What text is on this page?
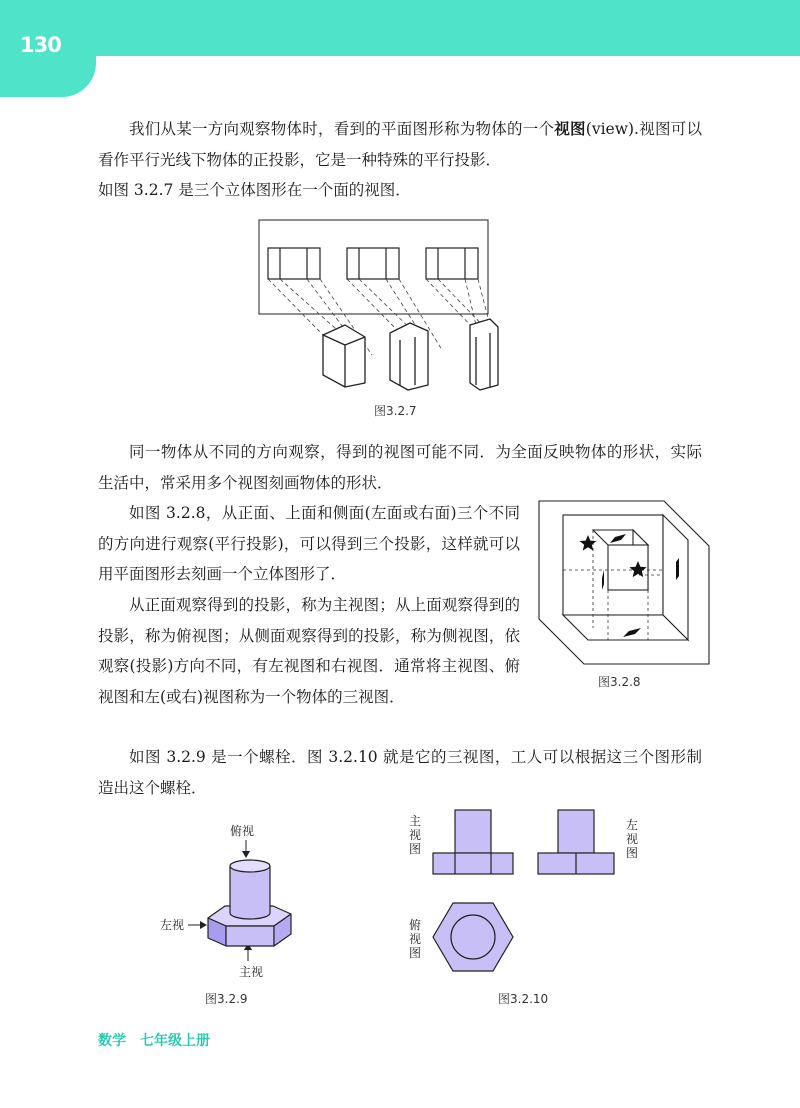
130

我们从某一方向观察物体时，看到的平面图形称为物体的一个视图(view).视图可以看作平行光线下物体的正投影，它是一种特殊的平行投影．
如图 3.2.7 是三个立体图形在一个面的视图．

图3.2.7

同一物体从不同的方向观察，得到的视图可能不同．为全面反映物体的形状，实际生活中，常采用多个视图刻画物体的形状．

如图 3.2.8，从正面、上面和侧面(左面或右面)三个不同的方向进行观察(平行投影)，可以得到三个投影，这样就可以用平面图形去刻画一个立体图形了．

从正面观察得到的投影，称为主视图；从上面观察得到的投影，称为俯视图；从侧面观察得到的投影，称为侧视图，依观察(投影)方向不同，有左视图和右视图．通常将主视图、俯视图和左(或右)视图称为一个物体的三视图．

图3.2.8

如图 3.2.9 是一个螺栓．图 3.2.10 就是它的三视图，工人可以根据这三个图形制造出这个螺栓．

俯视
左视
主视
图3.2.9
主
视
图
左
视
图
俯
视
图
图3.2.10
数学　七年级上册
